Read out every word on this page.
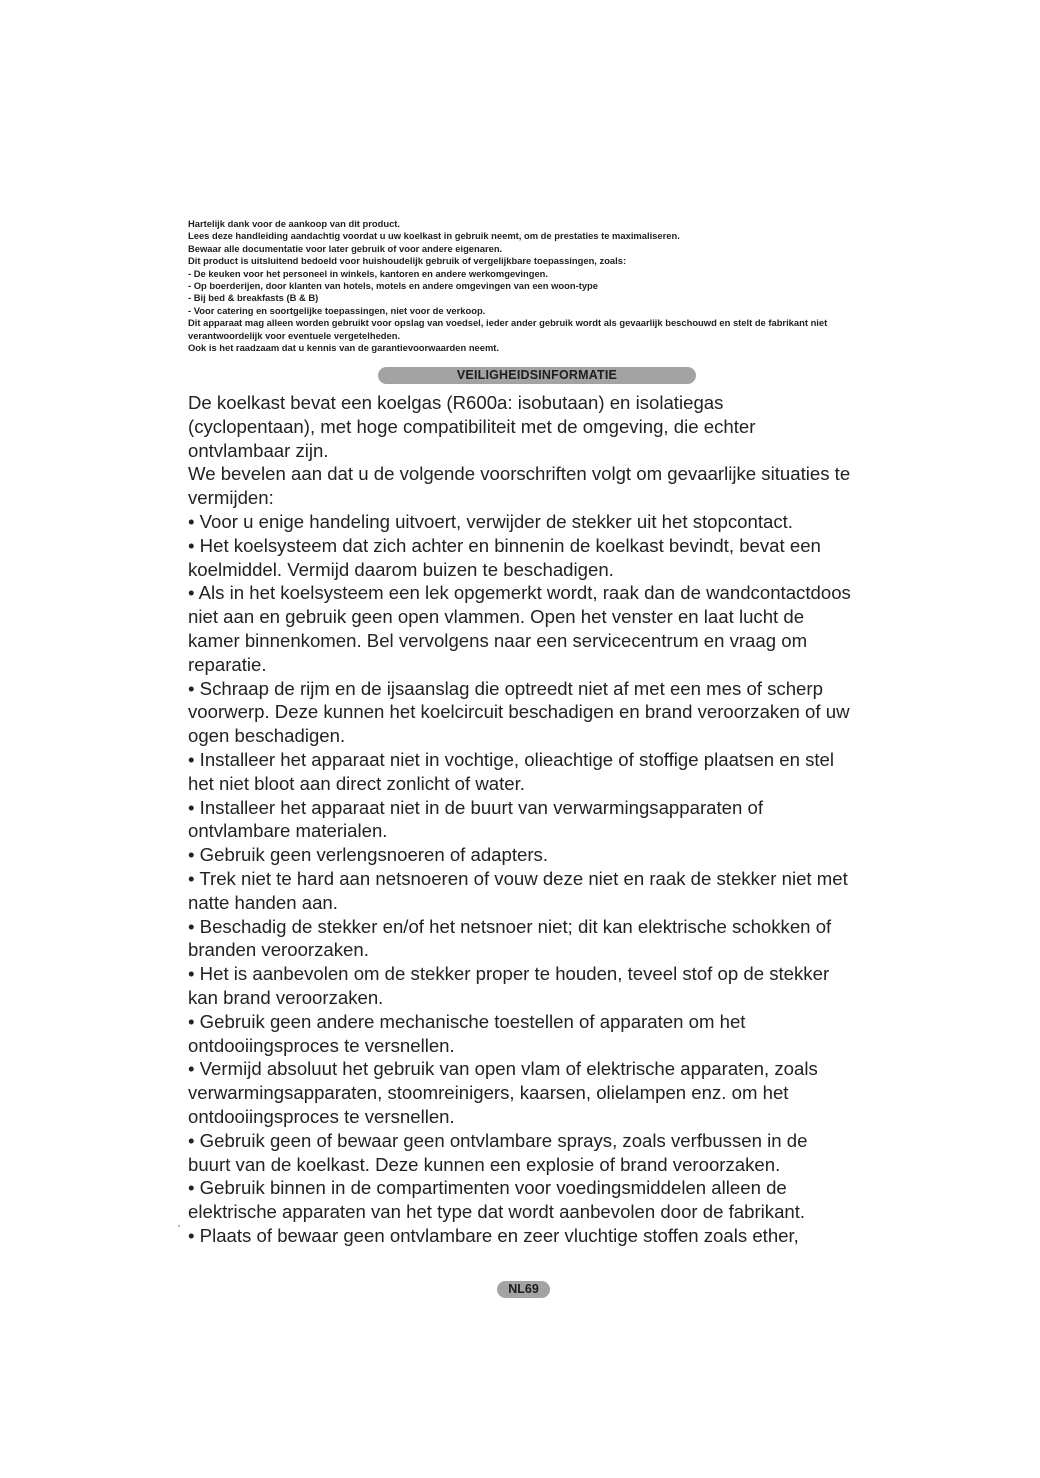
Hartelijk dank voor de aankoop van dit product.
Lees deze handleiding aandachtig voordat u uw koelkast in gebruik neemt, om de prestaties te maximaliseren.
Bewaar alle documentatie voor later gebruik of voor andere eigenaren.
Dit product is uitsluitend bedoeld voor huishoudelijk gebruik of vergelijkbare toepassingen, zoals:
- De keuken voor het personeel in winkels, kantoren en andere werkomgevingen.
- Op boerderijen, door klanten van hotels, motels en andere omgevingen van een woon-type
- Bij bed & breakfasts (B & B)
- Voor catering en soortgelijke toepassingen, niet voor de verkoop.
Dit apparaat mag alleen worden gebruikt voor opslag van voedsel, ieder ander gebruik wordt als gevaarlijk beschouwd en stelt de fabrikant niet verantwoordelijk voor eventuele vergetelheden.
Ook is het raadzaam dat u kennis van de garantievoorwaarden neemt.
VEILIGHEIDSINFORMATIE
De koelkast bevat een koelgas (R600a: isobutaan) en isolatiegas (cyclopentaan), met hoge compatibiliteit met de omgeving, die echter ontvlambaar zijn.
We bevelen aan dat u de volgende voorschriften volgt om gevaarlijke situaties te vermijden:
• Voor u enige handeling uitvoert, verwijder de stekker uit het stopcontact.
• Het koelsysteem dat zich achter en binnenin de koelkast bevindt, bevat een koelmiddel. Vermijd daarom buizen te beschadigen.
• Als in het koelsysteem een lek opgemerkt wordt, raak dan de wandcontactdoos niet aan en gebruik geen open vlammen. Open het venster en laat lucht de kamer binnenkomen. Bel vervolgens naar een servicecentrum en vraag om reparatie.
• Schraap de rijm en de ijsaanslag die optreedt niet af met een mes of scherp voorwerp. Deze kunnen het koelcircuit beschadigen en brand veroorzaken of uw ogen beschadigen.
• Installeer het apparaat niet in vochtige, olieachtige of stoffige plaatsen en stel het niet bloot aan direct zonlicht of water.
• Installeer het apparaat niet in de buurt van verwarmingsapparaten of ontvlambare materialen.
• Gebruik geen verlengsnoeren of adapters.
• Trek niet te hard aan netsnoeren of vouw deze niet en raak de stekker niet met natte handen aan.
• Beschadig de stekker en/of het netsnoer niet; dit kan elektrische schokken of branden veroorzaken.
• Het is aanbevolen om de stekker proper te houden, teveel stof op de stekker kan brand veroorzaken.
• Gebruik geen andere mechanische toestellen of apparaten om het ontdooiingsproces te versnellen.
• Vermijd absoluut het gebruik van open vlam of elektrische apparaten, zoals verwarmingsapparaten, stoomreinigers, kaarsen, olielampen enz. om het ontdooiingsproces te versnellen.
• Gebruik geen of bewaar geen ontvlambare sprays, zoals verfbussen in de buurt van de koelkast. Deze kunnen een explosie of brand veroorzaken.
• Gebruik binnen in de compartimenten voor voedingsmiddelen alleen de elektrische apparaten van het type dat wordt aanbevolen door de fabrikant.
• Plaats of bewaar geen ontvlambare en zeer vluchtige stoffen zoals ether,
·
NL69
